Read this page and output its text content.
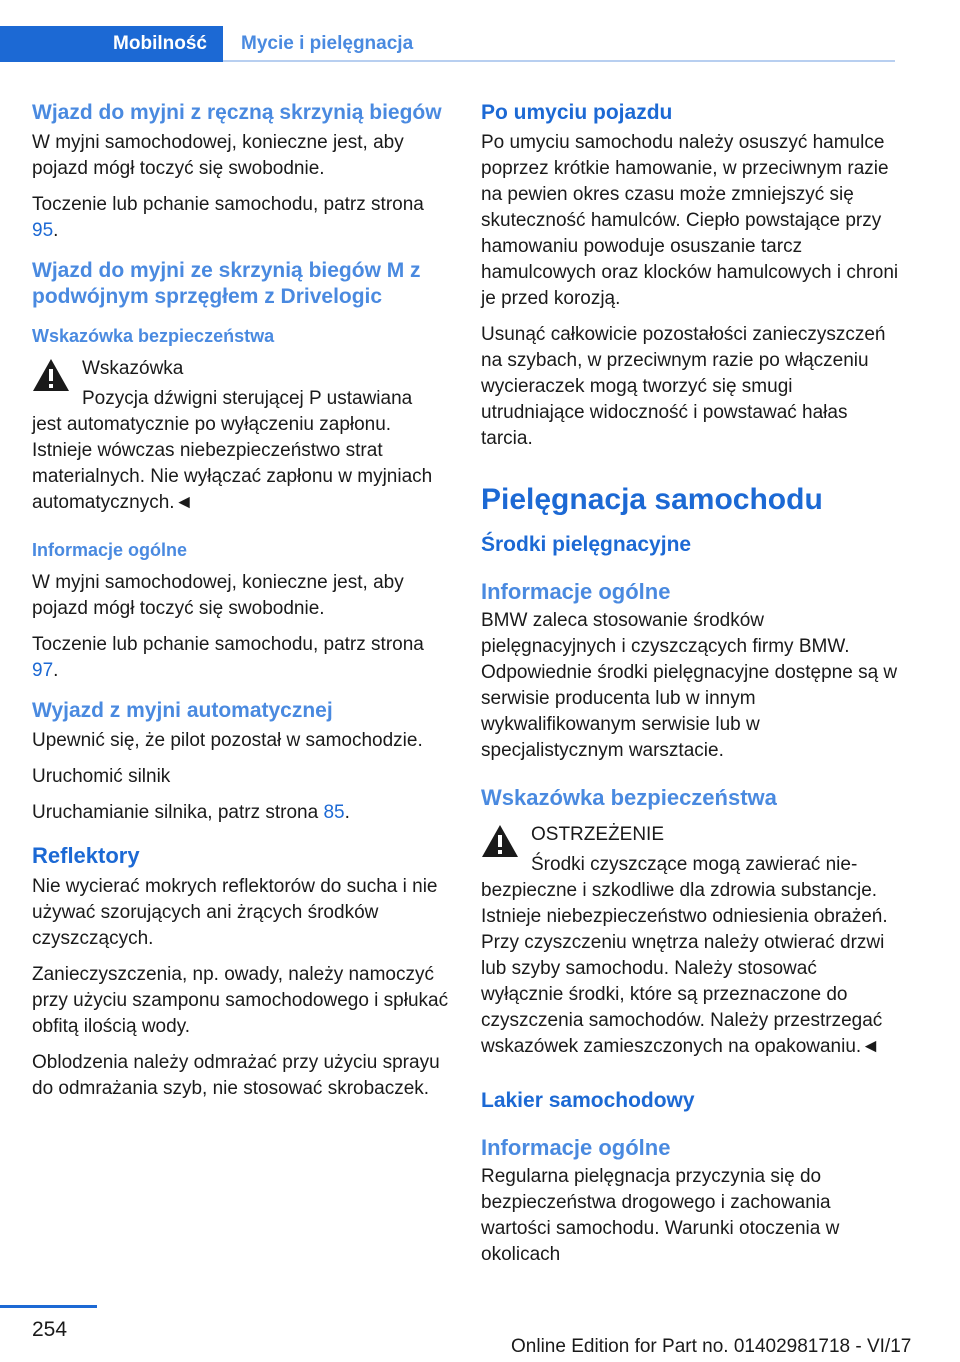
Mobilność	Mycie i pielęgnacja
Wjazd do myjni z ręczną skrzynią biegów

W myjni samochodowej, konieczne jest, aby pojazd mógł toczyć się swobodnie.

Toczenie lub pchanie samochodu, patrz strona 95.

Wjazd do myjni ze skrzynią biegów M z podwójnym sprzęgłem z Drivelogic
Wskazówka bezpieczeństwa
Wskazówka
Pozycja dźwigni sterującej P ustawiana
jest automatycznie po wyłączeniu zapłonu. Istnieje wówczas niebezpieczeństwo strat materialnych. Nie wyłączać zapłonu w myjniach automatycznych.◄
Informacje ogólne

W myjni samochodowej, konieczne jest, aby pojazd mógł toczyć się swobodnie.

Toczenie lub pchanie samochodu, patrz strona 97.

Wyjazd z myjni automatycznej

Upewnić się, że pilot pozostał w samochodzie.

Uruchomić silnik

Uruchamianie silnika, patrz strona 85.

Reflektory

Nie wycierać mokrych reflektorów do sucha i nie używać szorujących ani żrących środków czyszczących.

Zanieczyszczenia, np. owady, należy namoczyć przy użyciu szamponu samochodowego i spłukać obfitą ilością wody.

Oblodzenia należy odmrażać przy użyciu sprayu do odmrażania szyb, nie stosować skrobaczek.

Po umyciu pojazdu

Po umyciu samochodu należy osuszyć hamulce poprzez krótkie hamowanie, w przeciwnym razie na pewien okres czasu może zmniejszyć się skuteczność hamulców. Ciepło powstające przy hamowaniu powoduje osuszanie tarcz hamulcowych oraz klocków hamulcowych i chroni je przed korozją.

Usunąć całkowicie pozostałości zanieczyszczeń na szybach, w przeciwnym razie po włączeniu wycieraczek mogą tworzyć się smugi utrudniające widoczność i powstawać hałas tarcia.

Pielęgnacja samochodu
Środki pielęgnacyjne
Informacje ogólne

BMW zaleca stosowanie środków pielęgnacyjnych i czyszczących firmy BMW. Odpowiednie środki pielęgnacyjne dostępne są w serwisie producenta lub w innym wykwalifikowanym serwisie lub w specjalistycznym warsztacie.

Wskazówka bezpieczeństwa
OSTRZEŻENIE
Środki czyszczące mogą zawierać nie-
bezpieczne i szkodliwe dla zdrowia substancje. Istnieje niebezpieczeństwo odniesienia obrażeń. Przy czyszczeniu wnętrza należy otwierać drzwi lub szyby samochodu. Należy stosować wyłącznie środki, które są przeznaczone do czyszczenia samochodów. Należy przestrzegać wskazówek zamieszczonych na opakowaniu.◄
Lakier samochodowy
Informacje ogólne

Regularna pielęgnacja przyczynia się do bezpieczeństwa drogowego i zachowania wartości samochodu. Warunki otoczenia w okolicach

254
Online Edition for Part no. 01402981718 - VI/17
